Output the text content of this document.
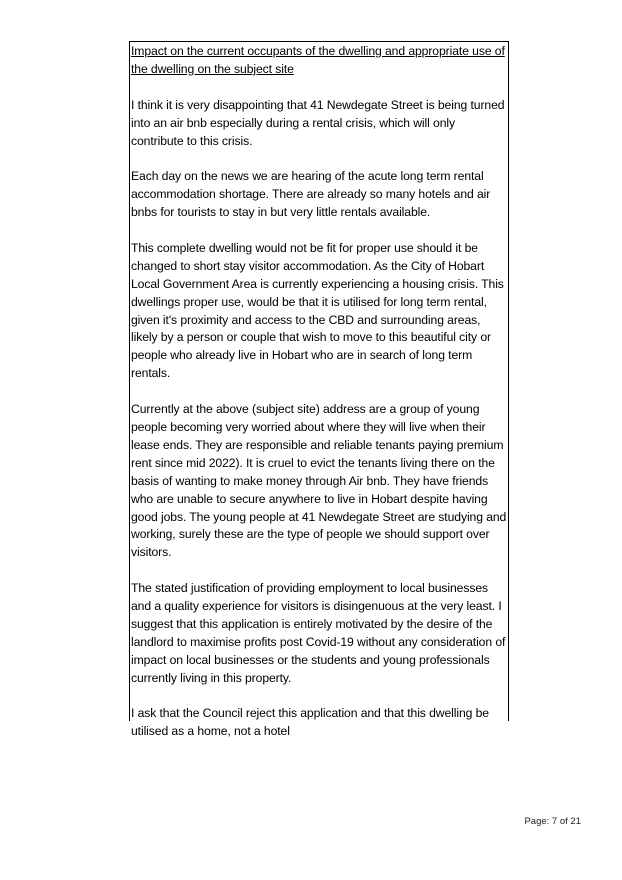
Impact on the current occupants of the dwelling and appropriate use of the dwelling on the subject site

I think it is very disappointing that 41 Newdegate Street is being turned into an air bnb especially during a rental crisis, which will only contribute to this crisis.

Each day on the news we are hearing of the acute long term rental accommodation shortage. There are already so many hotels and air bnbs for tourists to stay in but very little rentals available.

This complete dwelling would not be fit for proper use should it be changed to short stay visitor accommodation. As the City of Hobart Local Government Area is currently experiencing a housing crisis. This dwellings proper use, would be that it is utilised for long term rental, given it's proximity and access to the CBD and surrounding areas, likely by a person or couple that wish to move to this beautiful city or people who already live in Hobart who are in search of long term rentals.

Currently at the above (subject site) address are a group of young people becoming very worried about where they will live when their lease ends. They are responsible and reliable tenants paying premium rent since mid 2022). It is cruel to evict the tenants living there on the basis of wanting to make money through Air bnb. They have friends who are unable to secure anywhere to live in Hobart despite having good jobs. The young people at 41 Newdegate Street are studying and working, surely these are the type of people we should support over visitors.

The stated justification of providing employment to local businesses and a quality experience for visitors is disingenuous at the very least. I suggest that this application is entirely motivated by the desire of the landlord to maximise profits post Covid-19 without any consideration of impact on local businesses or the students and young professionals currently living in this property.

I ask that the Council reject this application and that this dwelling be utilised as a home, not a hotel

Page: 7 of 21
